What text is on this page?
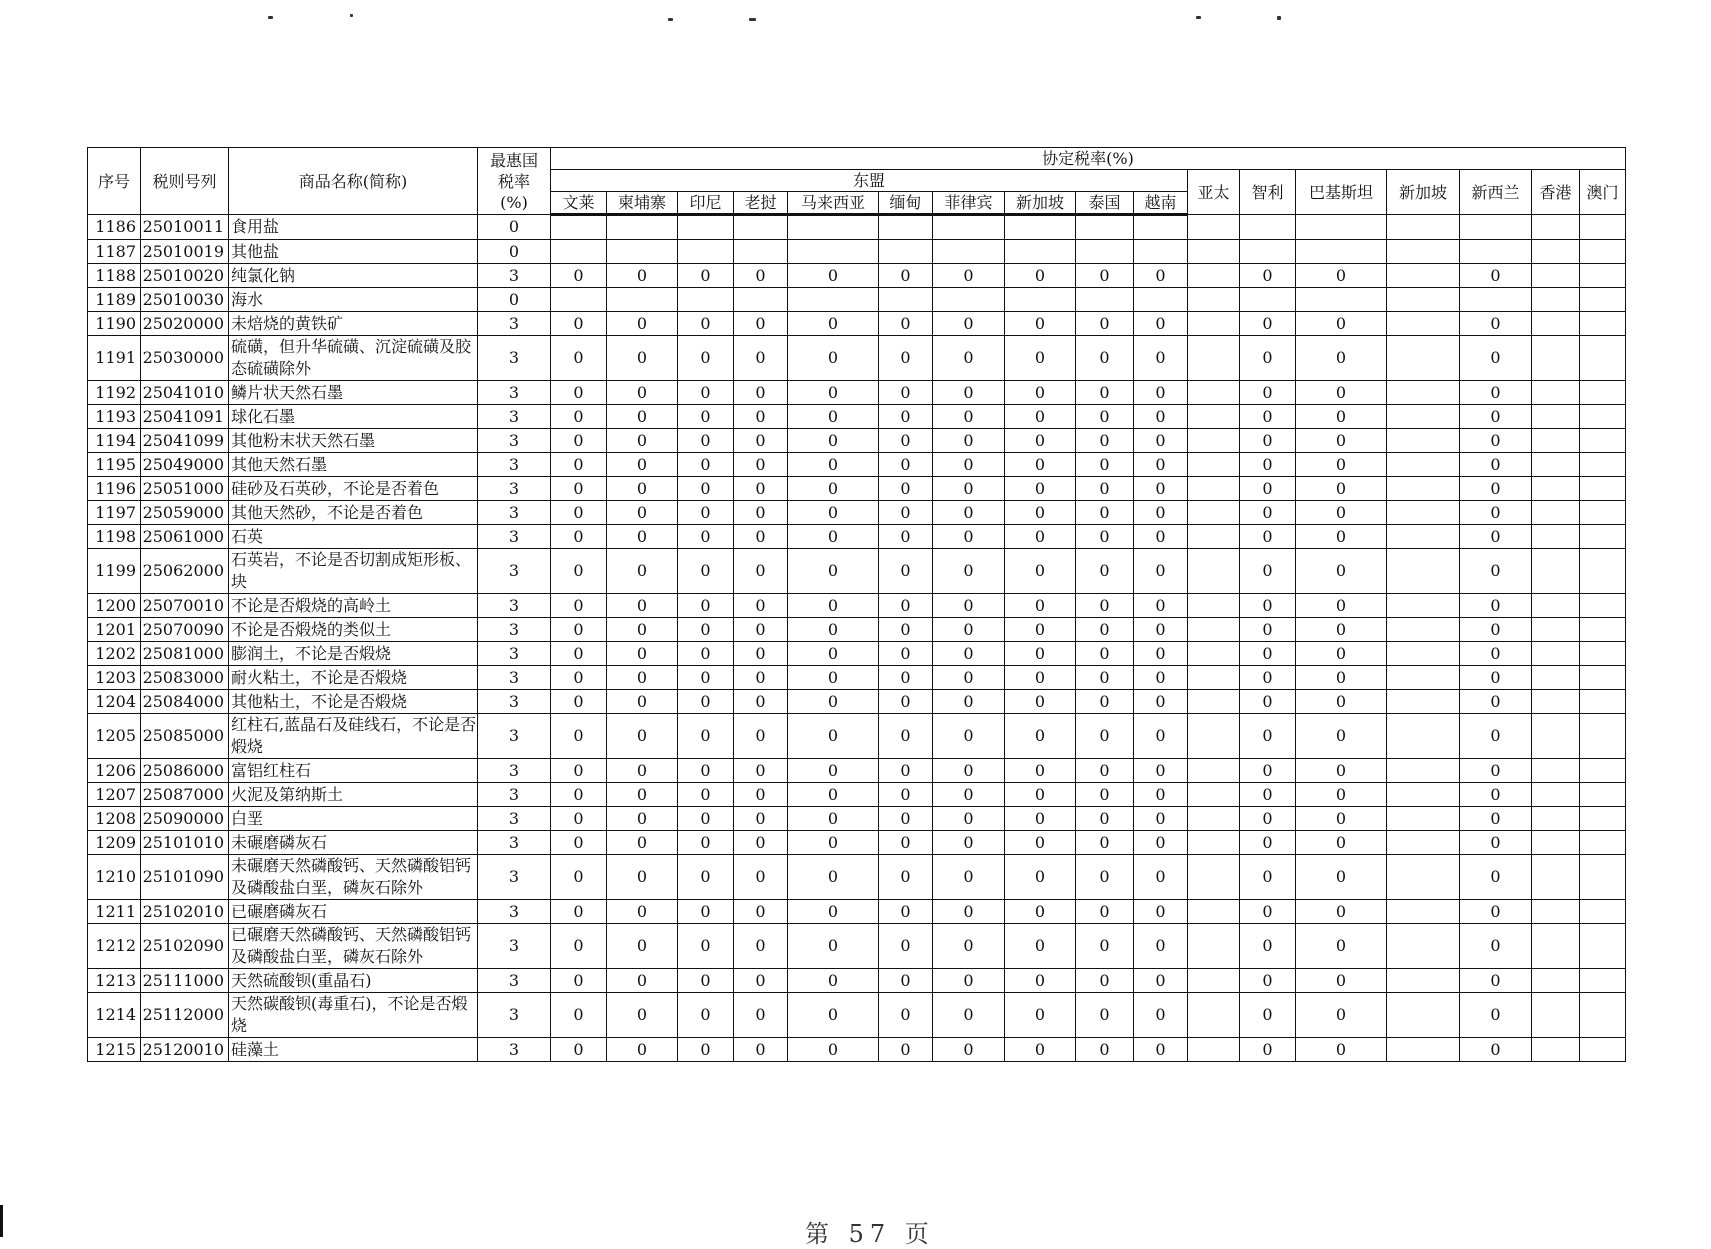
序号	税则号列	商品名称(简称)	最惠国
税率
(%)	协定税率(%)																
				东盟										亚太	智利	巴基斯坦	新加坡	新西兰	香港	澳门
				文莱	柬埔寨	印尼	老挝	马来西亚	缅甸	菲律宾	新加坡	泰国	越南							
1186	25010011	食用盐	0																	
1187	25010019	其他盐	0																	
1188	25010020	纯氯化钠	3	0	0	0	0	0	0	0	0	0	0		0	0		0		
1189	25010030	海水	0																	
1190	25020000	未焙烧的黄铁矿	3	0	0	0	0	0	0	0	0	0	0		0	0		0		
1191	25030000	硫磺，但升华硫磺、沉淀硫磺及胶态硫磺除外	3	0	0	0	0	0	0	0	0	0	0		0	0		0		
1192	25041010	鳞片状天然石墨	3	0	0	0	0	0	0	0	0	0	0		0	0		0		
1193	25041091	球化石墨	3	0	0	0	0	0	0	0	0	0	0		0	0		0		
1194	25041099	其他粉末状天然石墨	3	0	0	0	0	0	0	0	0	0	0		0	0		0		
1195	25049000	其他天然石墨	3	0	0	0	0	0	0	0	0	0	0		0	0		0		
1196	25051000	硅砂及石英砂，不论是否着色	3	0	0	0	0	0	0	0	0	0	0		0	0		0		
1197	25059000	其他天然砂，不论是否着色	3	0	0	0	0	0	0	0	0	0	0		0	0		0		
1198	25061000	石英	3	0	0	0	0	0	0	0	0	0	0		0	0		0		
1199	25062000	石英岩，不论是否切割成矩形板、块	3	0	0	0	0	0	0	0	0	0	0		0	0		0		
1200	25070010	不论是否煅烧的高岭土	3	0	0	0	0	0	0	0	0	0	0		0	0		0		
1201	25070090	不论是否煅烧的类似土	3	0	0	0	0	0	0	0	0	0	0		0	0		0		
1202	25081000	膨润土，不论是否煅烧	3	0	0	0	0	0	0	0	0	0	0		0	0		0		
1203	25083000	耐火粘土，不论是否煅烧	3	0	0	0	0	0	0	0	0	0	0		0	0		0		
1204	25084000	其他粘土，不论是否煅烧	3	0	0	0	0	0	0	0	0	0	0		0	0		0		
1205	25085000	红柱石,蓝晶石及硅线石，不论是否煅烧	3	0	0	0	0	0	0	0	0	0	0		0	0		0		
1206	25086000	富铝红柱石	3	0	0	0	0	0	0	0	0	0	0		0	0		0		
1207	25087000	火泥及第纳斯土	3	0	0	0	0	0	0	0	0	0	0		0	0		0		
1208	25090000	白垩	3	0	0	0	0	0	0	0	0	0	0		0	0		0		
1209	25101010	未碾磨磷灰石	3	0	0	0	0	0	0	0	0	0	0		0	0		0		
1210	25101090	未碾磨天然磷酸钙、天然磷酸铝钙及磷酸盐白垩，磷灰石除外	3	0	0	0	0	0	0	0	0	0	0		0	0		0		
1211	25102010	已碾磨磷灰石	3	0	0	0	0	0	0	0	0	0	0		0	0		0		
1212	25102090	已碾磨天然磷酸钙、天然磷酸铝钙及磷酸盐白垩，磷灰石除外	3	0	0	0	0	0	0	0	0	0	0		0	0		0		
1213	25111000	天然硫酸钡(重晶石)	3	0	0	0	0	0	0	0	0	0	0		0	0		0		
1214	25112000	天然碳酸钡(毒重石)，不论是否煅烧	3	0	0	0	0	0	0	0	0	0	0		0	0		0		
1215	25120010	硅藻土	3	0	0	0	0	0	0	0	0	0	0		0	0		0		
第 57 页
